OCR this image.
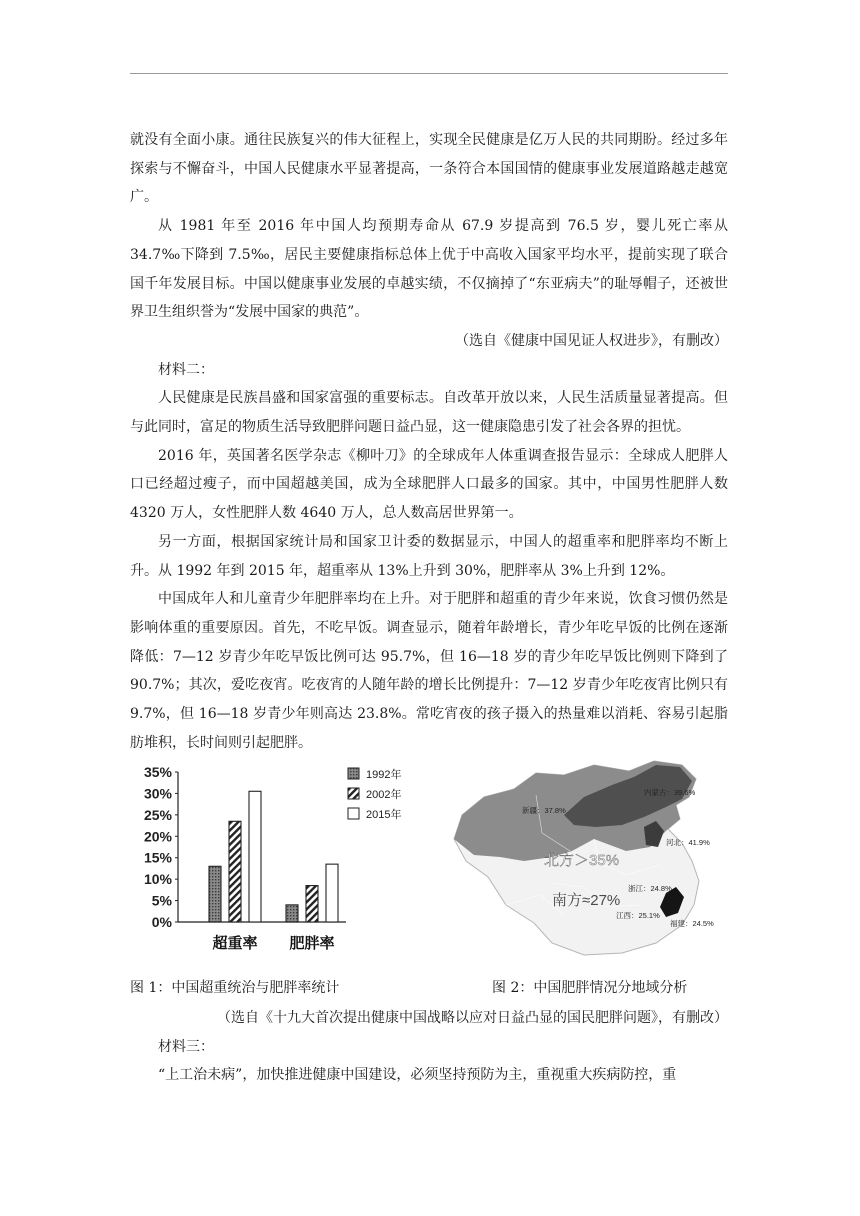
就没有全面小康。通往民族复兴的伟大征程上，实现全民健康是亿万人民的共同期盼。经过多年探索与不懈奋斗，中国人民健康水平显著提高，一条符合本国国情的健康事业发展道路越走越宽广。

从 1981 年至 2016 年中国人均预期寿命从 67.9 岁提高到 76.5 岁，婴儿死亡率从 34.7‰下降到 7.5‰，居民主要健康指标总体上优于中高收入国家平均水平，提前实现了联合国千年发展目标。中国以健康事业发展的卓越实绩，不仅摘掉了“东亚病夫”的耻辱帽子，还被世界卫生组织誉为“发展中国家的典范”。

（选自《健康中国见证人权进步》，有删改）

材料二：

人民健康是民族昌盛和国家富强的重要标志。自改革开放以来，人民生活质量显著提高。但与此同时，富足的物质生活导致肥胖问题日益凸显，这一健康隐患引发了社会各界的担忧。

2016 年，英国著名医学杂志《柳叶刀》的全球成年人体重调查报告显示：全球成人肥胖人口已经超过瘦子，而中国超越美国，成为全球肥胖人口最多的国家。其中，中国男性肥胖人数 4320 万人，女性肥胖人数 4640 万人，总人数高居世界第一。

另一方面，根据国家统计局和国家卫计委的数据显示，中国人的超重率和肥胖率均不断上升。从 1992 年到 2015 年，超重率从 13%上升到 30%，肥胖率从 3%上升到 12%。

中国成年人和儿童青少年肥胖率均在上升。对于肥胖和超重的青少年来说，饮食习惯仍然是影响体重的重要原因。首先，不吃早饭。调查显示，随着年龄增长，青少年吃早饭的比例在逐渐降低：7—12 岁青少年吃早饭比例可达 95.7%，但 16—18 岁的青少年吃早饭比例则下降到了 90.7%；其次，爱吃夜宵。吃夜宵的人随年龄的增长比例提升：7—12 岁青少年吃夜宵比例只有 9.7%，但 16—18 岁青少年则高达 23.8%。常吃宵夜的孩子摄入的热量难以消耗、容易引起脂肪堆积，长时间则引起肥胖。

0%
5%
10%
15%
20%
25%
30%
35%
超重率 肥胖率
1992年
2002年
2015年
北方＞35%
南方≈27%
内蒙古：39.6%
新疆：37.8%
河北：41.9%
浙江：24.8%
江西：25.1%
福建：24.5%
图 1：中国超重统治与肥胖率统计	图 2：中国肥胖情况分地域分析

（选自《十九大首次提出健康中国战略以应对日益凸显的国民肥胖问题》，有删改）

材料三：

“上工治未病”，加快推进健康中国建设，必须坚持预防为主，重视重大疾病防控，重
